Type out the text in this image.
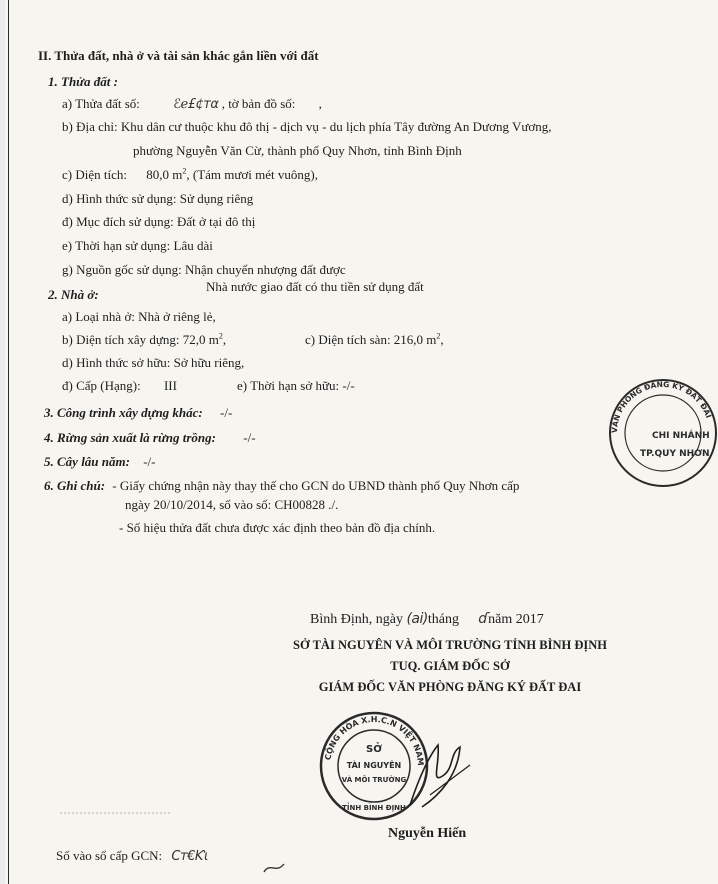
II. Thửa đất, nhà ở và tài sản khác gắn liền với đất
1. Thửa đất :
a) Thửa đất số:	ℰℯ£¢тα , tờ bản đồ số: ,
b) Địa chỉ: Khu dân cư thuộc khu đô thị - dịch vụ - du lịch phía Tây đường An Dương Vương,
phường Nguyễn Văn Cừ, thành phố Quy Nhơn, tỉnh Bình Định
c) Diện tích: 80,0 $m^2$, (Tám mươi mét vuông),
d) Hình thức sử dụng: Sử dụng riêng
đ) Mục đích sử dụng: Đất ở tại đô thị
e) Thời hạn sử dụng: Lâu dài
g) Nguồn gốc sử dụng: Nhận chuyển nhượng đất được
Nhà nước giao đất có thu tiền sử dụng đất
2. Nhà ở:
a) Loại nhà ở: Nhà ở riêng lẻ,
b) Diện tích xây dựng: 72,0 $m^2$,	c) Diện tích sàn: 216,0 $m^2$,
d) Hình thức sở hữu: Sở hữu riêng,
đ) Cấp (Hạng): III	e) Thời hạn sở hữu: -/-
3. Công trình xây dựng khác: -/-
4. Rừng sản xuất là rừng trồng: -/-
5. Cây lâu năm: -/-
6. Ghi chú: - Giấy chứng nhận này thay thế cho GCN do UBND thành phố Quy Nhơn cấp
ngày 20/10/2014, số vào số: CH00828 ./.
- Số hiệu thửa đất chưa được xác định theo bản đồ địa chính.
Bình Định, ngày (ai)tháng ɗnăm 2017
SỞ TÀI NGUYÊN VÀ MÔI TRƯỜNG TỈNH BÌNH ĐỊNH
TUQ. GIÁM ĐỐC SỞ
GIÁM ĐỐC VĂN PHÒNG ĐĂNG KÝ ĐẤT ĐAI
CỘNG HÒA X.H.C.N VIỆT NAM
SỞ
TÀI NGUYÊN
VÀ MÔI TRƯỜNG
TỈNH BÌNH ĐỊNH
Nguyễn Hiến
VĂN PHÒNG ĐĂNG KÝ ĐẤT ĐAI
CHI NHÁNH
TP.QUY NHƠN
Số vào sổ cấp GCN: Cт€Ƙι
